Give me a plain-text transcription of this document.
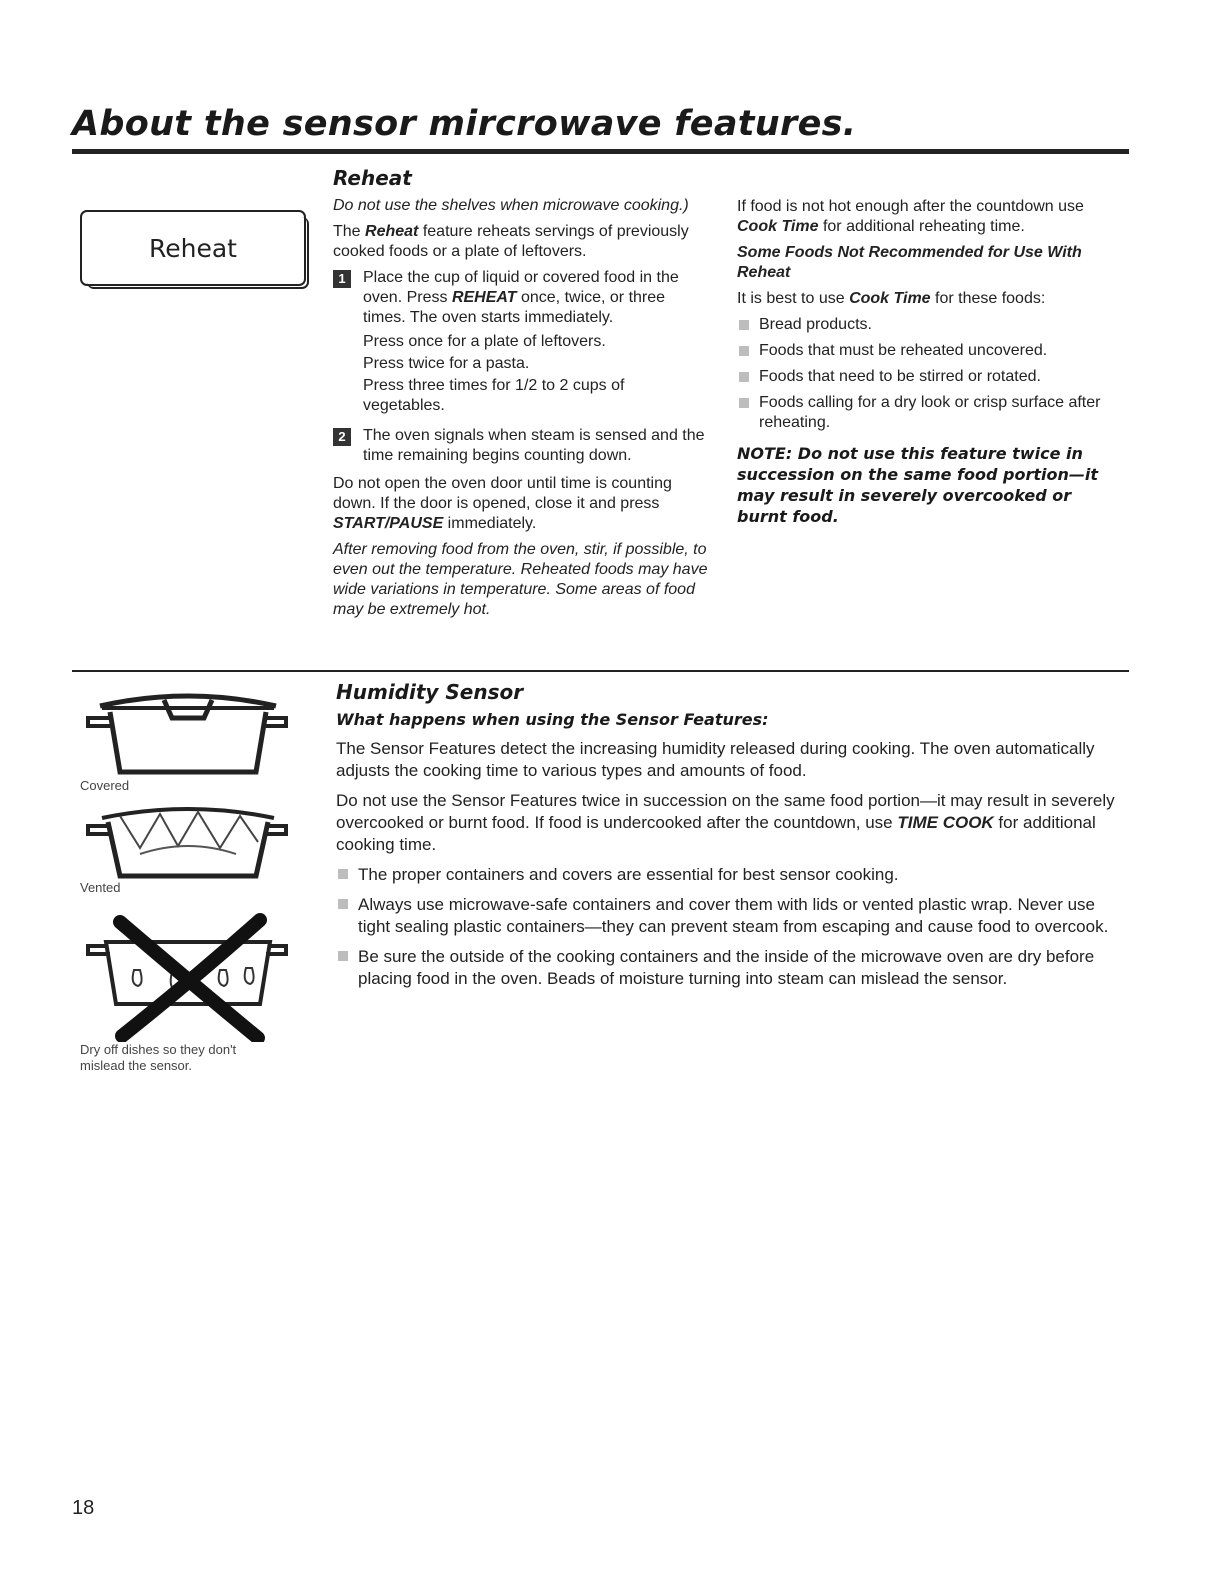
About the sensor mircrowave features.
Reheat
Reheat

Do not use the shelves when microwave cooking.)

The Reheat feature reheats servings of previously cooked foods or a plate of leftovers.

1	Place the cup of liquid or covered food in the oven. Press REHEAT once, twice, or three times. The oven starts immediately.
Press once for a plate of leftovers.
Press twice for a pasta.
Press three times for 1/2 to 2 cups of vegetables.
2	The oven signals when steam is sensed and the time remaining begins counting down.

Do not open the oven door until time is counting down. If the door is opened, close it and press START/PAUSE immediately.

After removing food from the oven, stir, if possible, to even out the temperature. Reheated foods may have wide variations in temperature. Some areas of food may be extremely hot.

If food is not hot enough after the countdown use Cook Time for additional reheating time.

Some Foods Not Recommended for Use With Reheat

It is best to use Cook Time for these foods:

Bread products.
Foods that must be reheated uncovered.
Foods that need to be stirred or rotated.
Foods calling for a dry look or crisp surface after reheating.
NOTE: Do not use this feature twice in succession on the same food portion—it may result in severely overcooked or burnt food.
Covered
Vented
Dry off dishes so they don't mislead the sensor.
Humidity Sensor
What happens when using the Sensor Features:

The Sensor Features detect the increasing humidity released during cooking. The oven automatically adjusts the cooking time to various types and amounts of food.

Do not use the Sensor Features twice in succession on the same food portion—it may result in severely overcooked or burnt food. If food is undercooked after the countdown, use TIME COOK for additional cooking time.

The proper containers and covers are essential for best sensor cooking.
Always use microwave-safe containers and cover them with lids or vented plastic wrap. Never use tight sealing plastic containers—they can prevent steam from escaping and cause food to overcook.
Be sure the outside of the cooking containers and the inside of the microwave oven are dry before placing food in the oven. Beads of moisture turning into steam can mislead the sensor.
18
